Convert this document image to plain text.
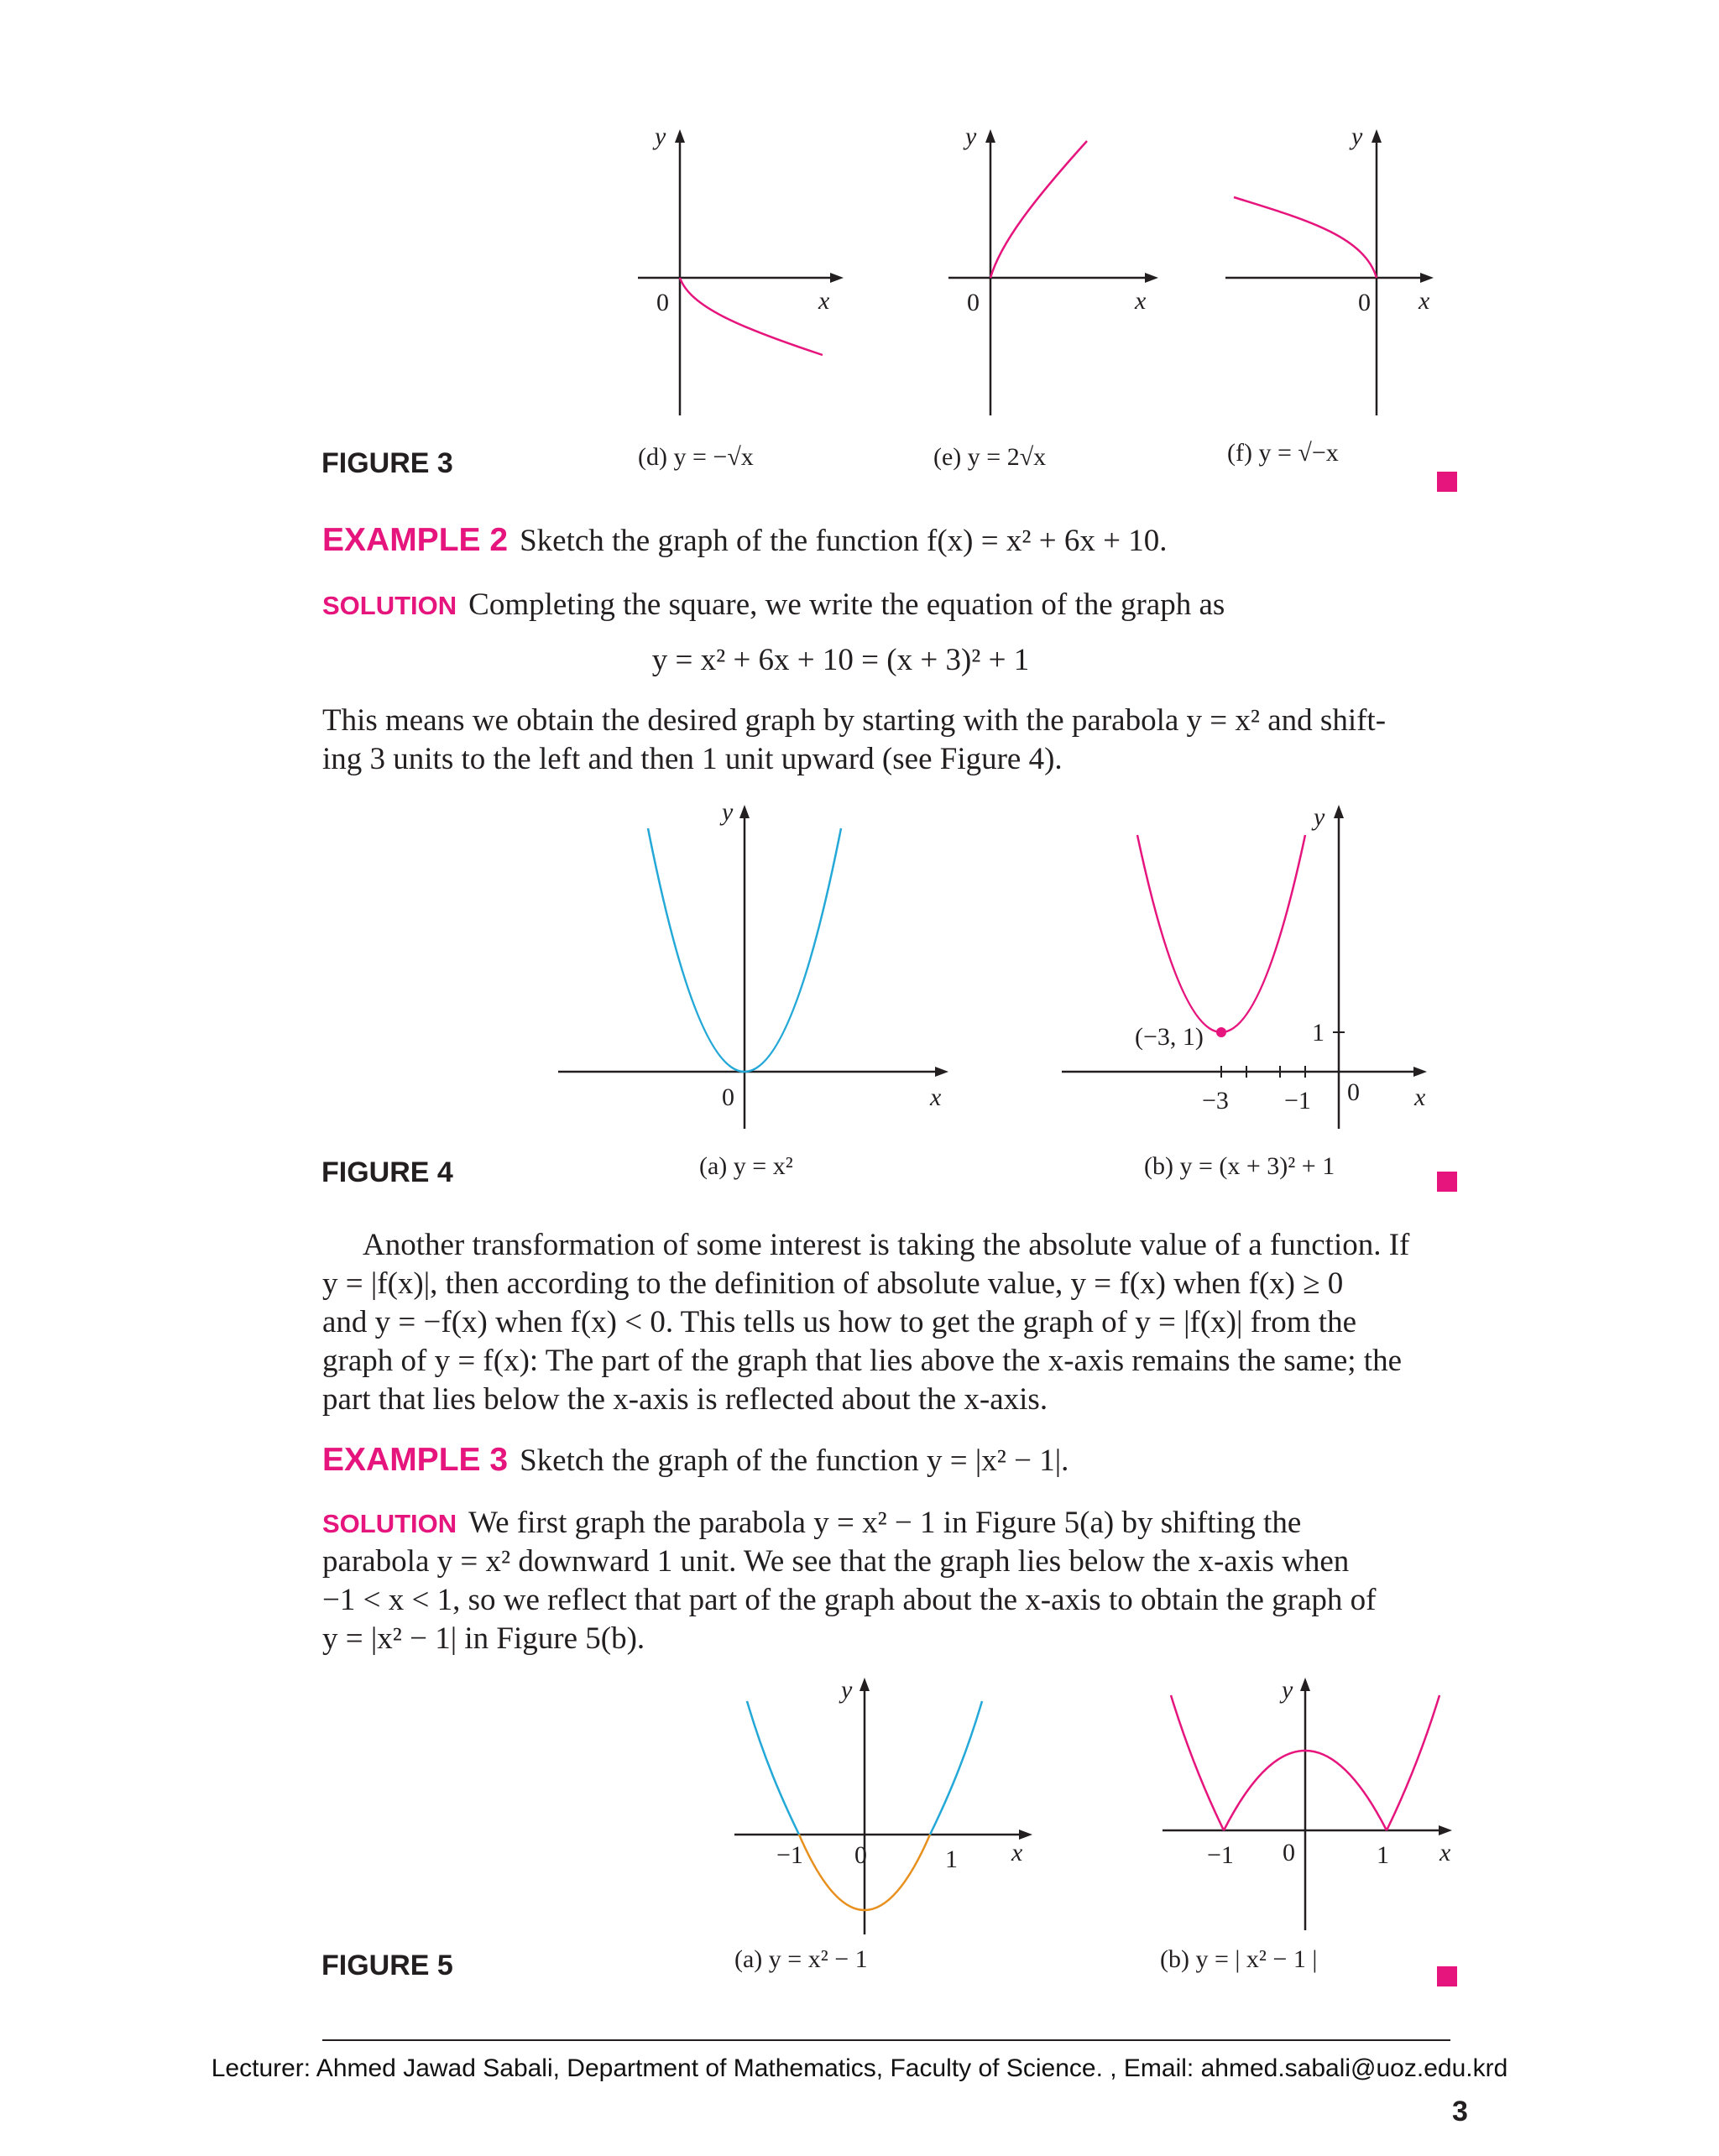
y
x
0
y
x
0
y
x
0
FIGURE 3	(d) y = −√x	(e) y = 2√x	(f) y = √−x
EXAMPLE 2 Sketch the graph of the function f(x) = x² + 6x + 10.
SOLUTION Completing the square, we write the equation of the graph as
y = x² + 6x + 10 = (x + 3)² + 1
This means we obtain the desired graph by starting with the parabola y = x² and shift-
ing 3 units to the left and then 1 unit upward (see Figure 4).
y
x
0
y
x
0
(−3, 1)
−3 −1
1
FIGURE 4	(a) y = x²	(b) y = (x + 3)² + 1
Another transformation of some interest is taking the absolute value of a function. If
y = |f(x)|, then according to the definition of absolute value, y = f(x) when f(x) ≥ 0
and y = −f(x) when f(x) < 0. This tells us how to get the graph of y = |f(x)| from the
graph of y = f(x): The part of the graph that lies above the x-axis remains the same; the
part that lies below the x-axis is reflected about the x-axis.
EXAMPLE 3 Sketch the graph of the function y = |x² − 1|.
SOLUTION We first graph the parabola y = x² − 1 in Figure 5(a) by shifting the
parabola y = x² downward 1 unit. We see that the graph lies below the x-axis when
−1 < x < 1, so we reflect that part of the graph about the x-axis to obtain the graph of
y = |x² − 1| in Figure 5(b).
y
x
0
−1	1
y
x
0
−1	1
FIGURE 5	(a) y = x² − 1	(b) y = | x² − 1 |
Lecturer: Ahmed Jawad Sabali, Department of Mathematics, Faculty of Science. , Email: ahmed.sabali@uoz.edu.krd
3
